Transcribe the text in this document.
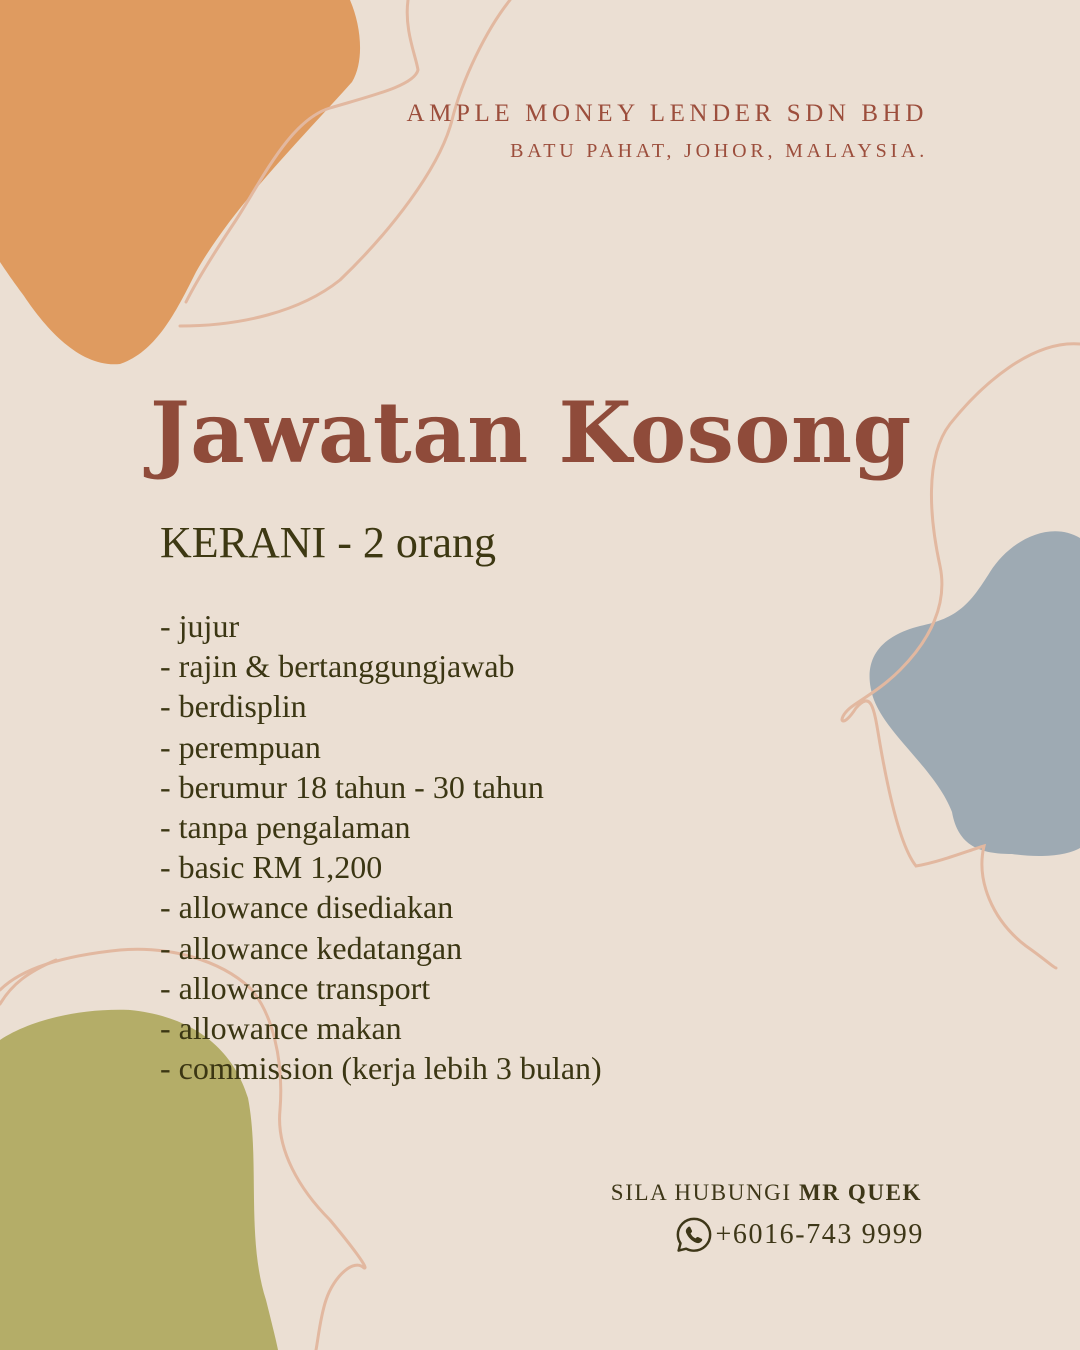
AMPLE MONEY LENDER SDN BHD
BATU PAHAT, JOHOR, MALAYSIA.
Jawatan Kosong
KERANI - 2 orang
- jujur
- rajin & bertanggungjawab
- berdisplin
- perempuan
- berumur 18 tahun - 30 tahun
- tanpa pengalaman
- basic RM 1,200
- allowance disediakan
- allowance kedatangan
- allowance transport
- allowance makan
- commission (kerja lebih 3 bulan)
SILA HUBUNGI MR QUEK
+6016-743 9999
